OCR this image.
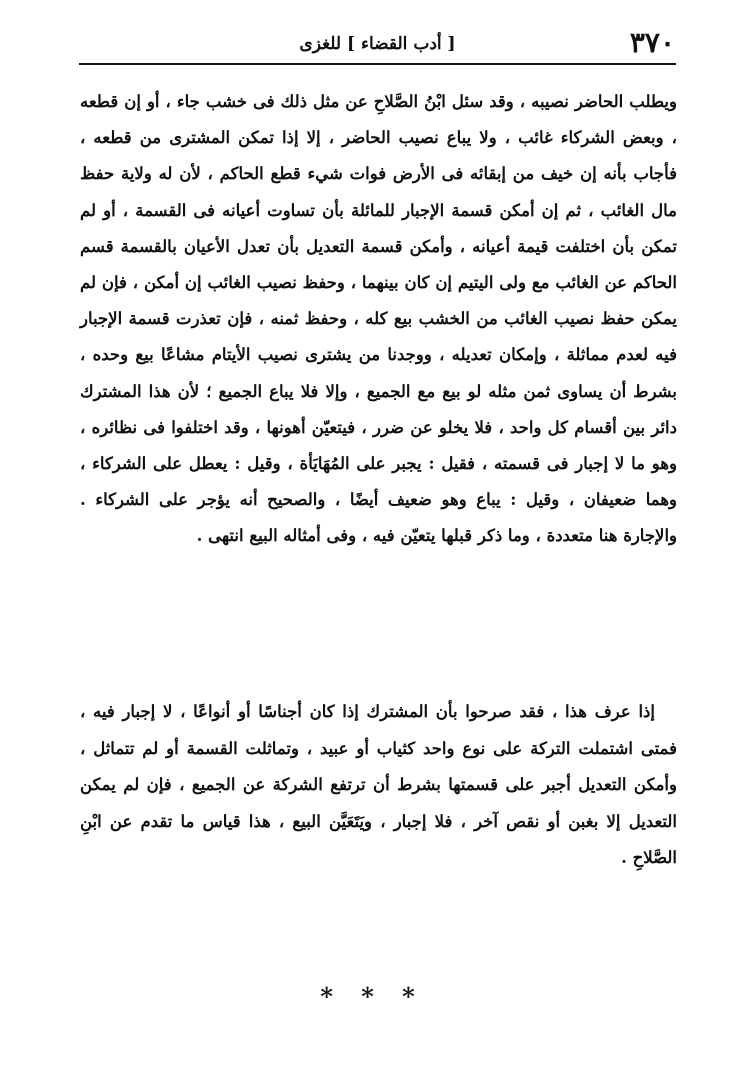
٣٧٠
[ أدب القضاء ] للغزى

ويطلب الحاضر نصيبه ، وقد سئل ابْنُ الصَّلاحِ عن مثل ذلك فى خشب جاء ، أو إن قطعه ، وبعض الشركاء غائب ، ولا يباع نصيب الحاضر ، إلا إذا تمكن المشترى من قطعه ، فأجاب بأنه إن خيف من إبقائه فى الأرض فوات شيء قطع الحاكم ، لأن له ولاية حفظ مال الغائب ، ثم إن أمكن قسمة الإجبار للمائلة بأن تساوت أعيانه فى القسمة ، أو لم تمكن بأن اختلفت قيمة أعيانه ، وأمكن قسمة التعديل بأن تعدل الأعيان بالقسمة قسم الحاكم عن الغائب مع ولى اليتيم إن كان بينهما ، وحفظ نصيب الغائب إن أمكن ، فإن لم يمكن حفظ نصيب الغائب من الخشب بيع كله ، وحفظ ثمنه ، فإن تعذرت قسمة الإجبار فيه لعدم مماثلة ، وإمكان تعديله ، ووجدنا من يشترى نصيب الأيتام مشاعًا بيع وحده ، بشرط أن يساوى ثمن مثله لو بيع مع الجميع ، وإلا فلا يباع الجميع ؛ لأن هذا المشترك دائر بين أقسام كل واحد ، فلا يخلو عن ضرر ، فيتعيّن أهونها ، وقد اختلفوا فى نظائره ، وهو ما لا إجبار فى قسمته ، فقيل : يجبر على المُهَايَأة ، وقيل : يعطل على الشركاء ، وهما ضعيفان ، وقيل : يباع وهو ضعيف أيضًا ، والصحيح أنه يؤجر على الشركاء . والإجارة هنا متعددة ، وما ذكر قبلها يتعيّن فيه ، وفى أمثاله البيع انتهى .

إذا عرف هذا ، فقد صرحوا بأن المشترك إذا كان أجناسًا أو أنواعًا ، لا إجبار فيه ، فمتى اشتملت التركة على نوع واحد كثياب أو عبيد ، وتماثلت القسمة أو لم تتماثل ، وأمكن التعديل أجبر على قسمتها بشرط أن ترتفع الشركة عن الجميع ، فإن لم يمكن التعديل إلا بغبن أو نقص آخر ، فلا إجبار ، ويَتَعَيَّن البيع ، هذا قياس ما تقدم عن ابْنِ الصَّلاحِ .

* * *
